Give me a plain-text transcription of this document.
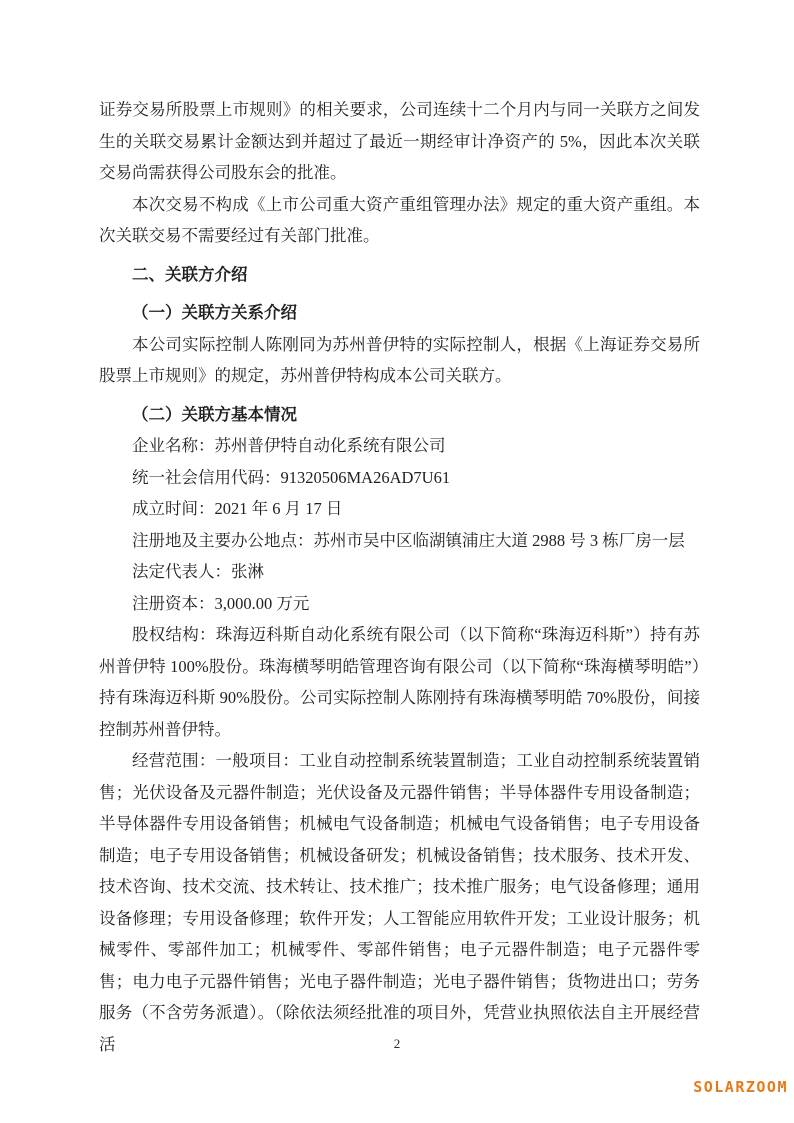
证券交易所股票上市规则》的相关要求，公司连续十二个月内与同一关联方之间发生的关联交易累计金额达到并超过了最近一期经审计净资产的 5%，因此本次关联交易尚需获得公司股东会的批准。

本次交易不构成《上市公司重大资产重组管理办法》规定的重大资产重组。本次关联交易不需要经过有关部门批准。

二、关联方介绍

（一）关联方关系介绍

本公司实际控制人陈刚同为苏州普伊特的实际控制人，根据《上海证券交易所股票上市规则》的规定，苏州普伊特构成本公司关联方。

（二）关联方基本情况

企业名称：苏州普伊特自动化系统有限公司

统一社会信用代码：91320506MA26AD7U61

成立时间：2021 年 6 月 17 日

注册地及主要办公地点：苏州市吴中区临湖镇浦庄大道 2988 号 3 栋厂房一层

法定代表人：张淋

注册资本：3,000.00 万元

股权结构：珠海迈科斯自动化系统有限公司（以下简称“珠海迈科斯”）持有苏州普伊特 100%股份。珠海横琴明皓管理咨询有限公司（以下简称“珠海横琴明皓”）持有珠海迈科斯 90%股份。公司实际控制人陈刚持有珠海横琴明皓 70%股份，间接控制苏州普伊特。

经营范围：一般项目：工业自动控制系统装置制造；工业自动控制系统装置销售；光伏设备及元器件制造；光伏设备及元器件销售；半导体器件专用设备制造；半导体器件专用设备销售；机械电气设备制造；机械电气设备销售；电子专用设备制造；电子专用设备销售；机械设备研发；机械设备销售；技术服务、技术开发、技术咨询、技术交流、技术转让、技术推广；技术推广服务；电气设备修理；通用设备修理；专用设备修理；软件开发；人工智能应用软件开发；工业设计服务；机械零件、零部件加工；机械零件、零部件销售；电子元器件制造；电子元器件零售；电力电子元器件销售；光电子器件制造；光电子器件销售；货物进出口；劳务服务（不含劳务派遣）。（除依法须经批准的项目外，凭营业执照依法自主开展经营活	2
SOLARZOOM
